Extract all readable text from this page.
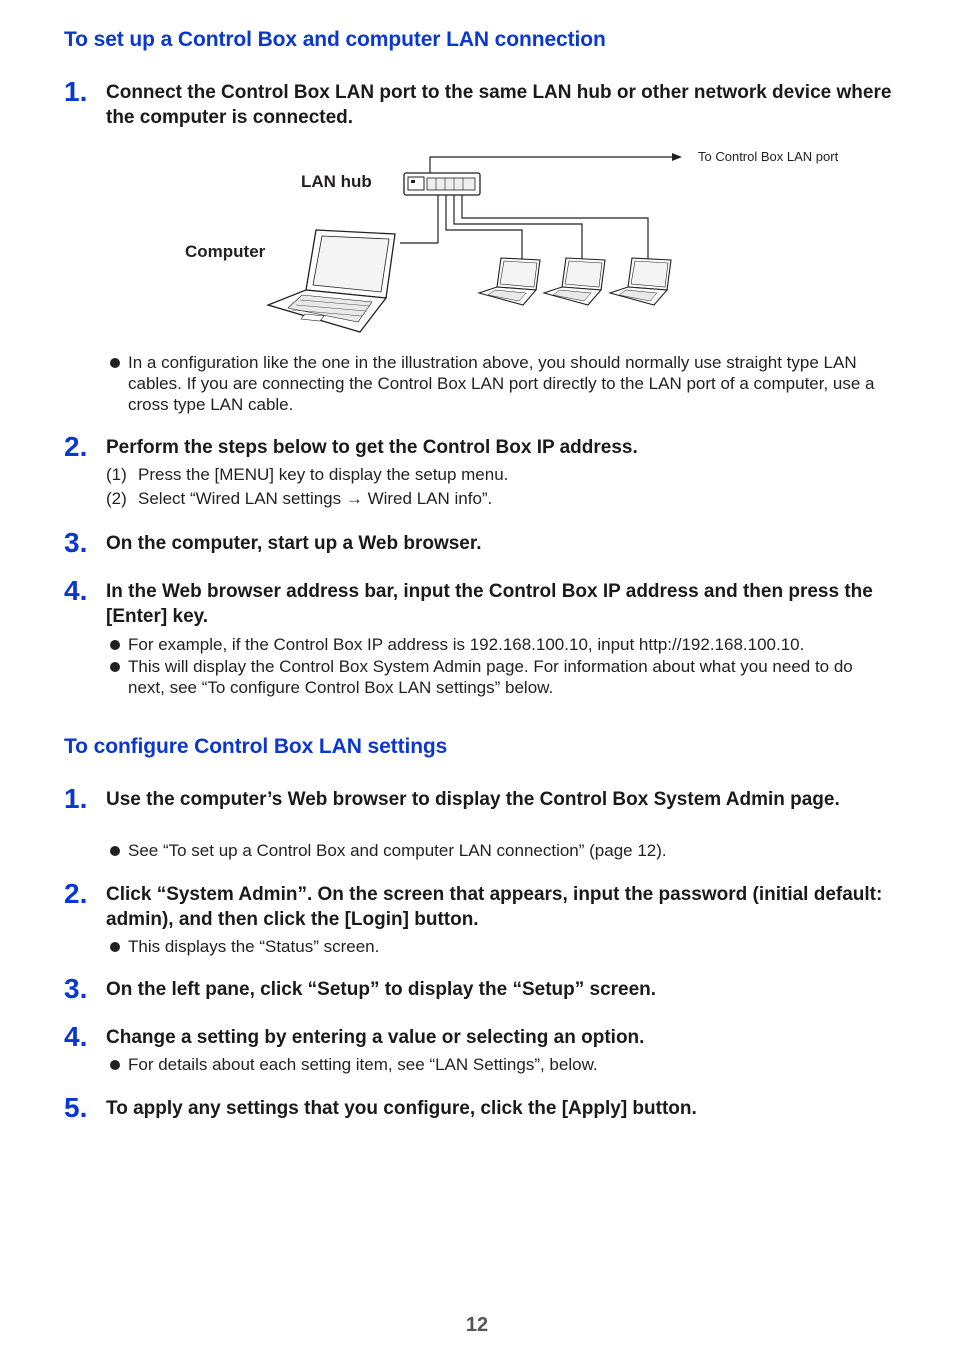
To set up a Control Box and computer LAN connection
1. Connect the Control Box LAN port to the same LAN hub or other network device where the computer is connected.
To Control Box LAN port
LAN hub
Computer
In a configuration like the one in the illustration above, you should normally use straight type LAN cables. If you are connecting the Control Box LAN port directly to the LAN port of a computer, use a cross type LAN cable.
2. Perform the steps below to get the Control Box IP address.
(1) Press the [MENU] key to display the setup menu.
(2) Select “Wired LAN settings → Wired LAN info”.
3. On the computer, start up a Web browser.
4. In the Web browser address bar, input the Control Box IP address and then press the [Enter] key.
For example, if the Control Box IP address is 192.168.100.10, input http://192.168.100.10.
This will display the Control Box System Admin page. For information about what you need to do next, see “To configure Control Box LAN settings” below.
To configure Control Box LAN settings
1. Use the computer’s Web browser to display the Control Box System Admin page.
See “To set up a Control Box and computer LAN connection” (page 12).
2. Click “System Admin”. On the screen that appears, input the password (initial default: admin), and then click the [Login] button.
This displays the “Status” screen.
3. On the left pane, click “Setup” to display the “Setup” screen.
4. Change a setting by entering a value or selecting an option.
For details about each setting item, see “LAN Settings”, below.
5. To apply any settings that you configure, click the [Apply] button.
12
